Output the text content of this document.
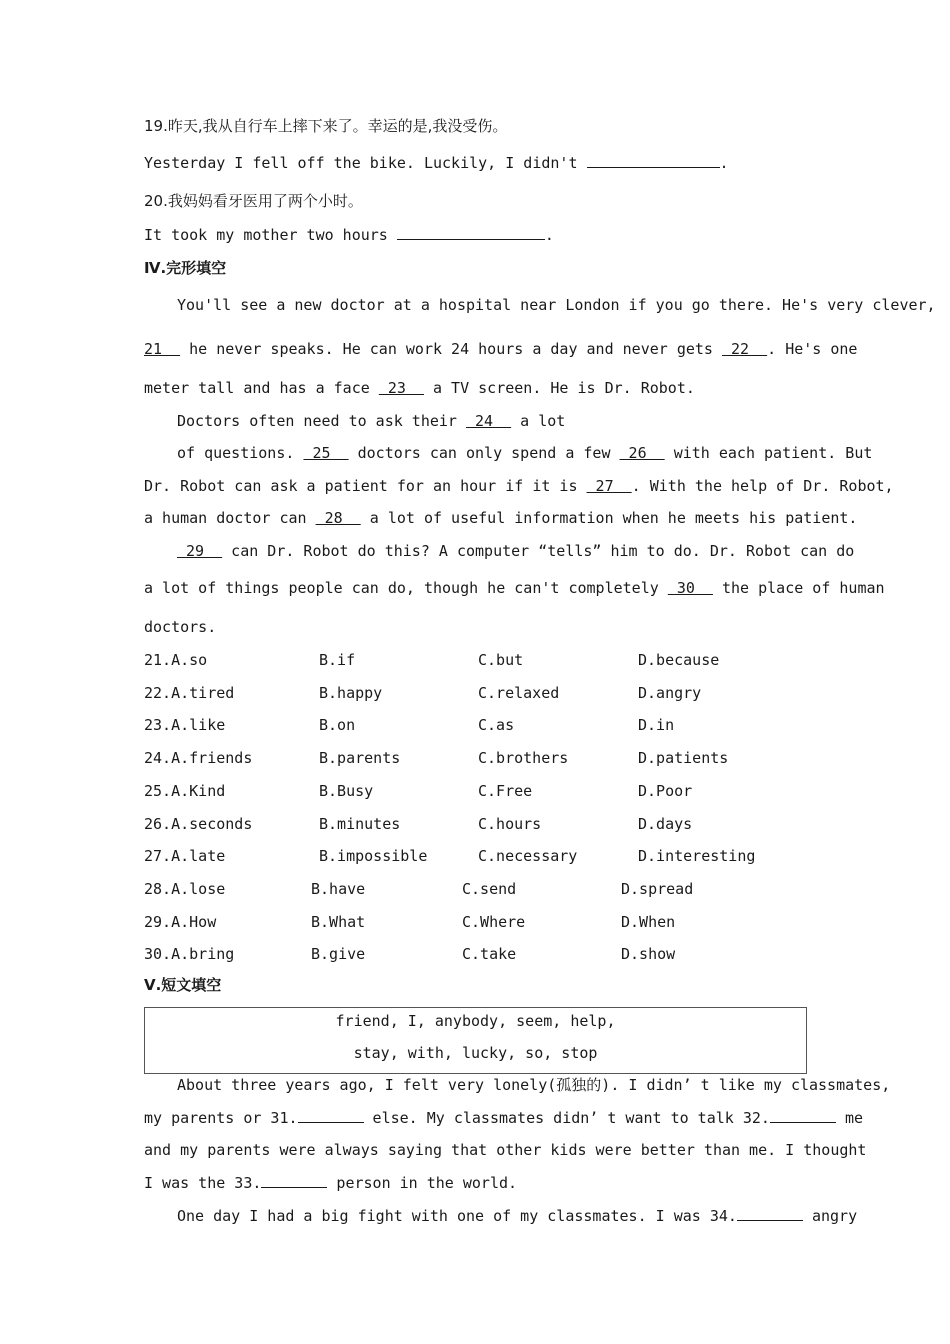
19.昨天,我从自行车上摔下来了。幸运的是,我没受伤。
Yesterday I fell off the bike. Luckily, I didn't	.
20.我妈妈看牙医用了两个小时。
It took my mother two hours	.
Ⅳ.完形填空
You'll see a new doctor at a hospital near London if you go there. He's very clever,
21   he never speaks. He can work 24 hours a day and never gets  22  . He's one
meter tall and has a face  23   a TV screen. He is Dr. Robot.
Doctors often need to ask their  24   a lot
of questions.  25   doctors can only spend a few  26   with each patient. But
Dr. Robot can ask a patient for an hour if it is  27  . With the help of Dr. Robot,
a human doctor can  28   a lot of useful information when he meets his patient.
29   can Dr. Robot do this? A computer “tells” him to do. Dr. Robot can do
a lot of things people can do, though he can't completely  30   the place of human
doctors.
21.A.so	B.if	C.but	D.because
22.A.tired	B.happy	C.relaxed	D.angry
23.A.like	B.on	C.as	D.in
24.A.friends	B.parents	C.brothers	D.patients
25.A.Kind	B.Busy	C.Free	D.Poor
26.A.seconds	B.minutes	C.hours	D.days
27.A.late	B.impossible	C.necessary	D.interesting
28.A.lose	B.have	C.send	D.spread
29.A.How	B.What	C.Where	D.When
30.A.bring	B.give	C.take	D.show
Ⅴ.短文填空
friend, I, anybody, seem, help,
stay, with, lucky, so, stop
About three years ago, I felt very lonely(孤独的). I didn’ t like my classmates,
my parents or 31.	else. My classmates didn’ t want to talk 32.	me
and my parents were always saying that other kids were better than me. I thought
I was the 33.	person in the world.
One day I had a big fight with one of my classmates. I was 34.	angry
